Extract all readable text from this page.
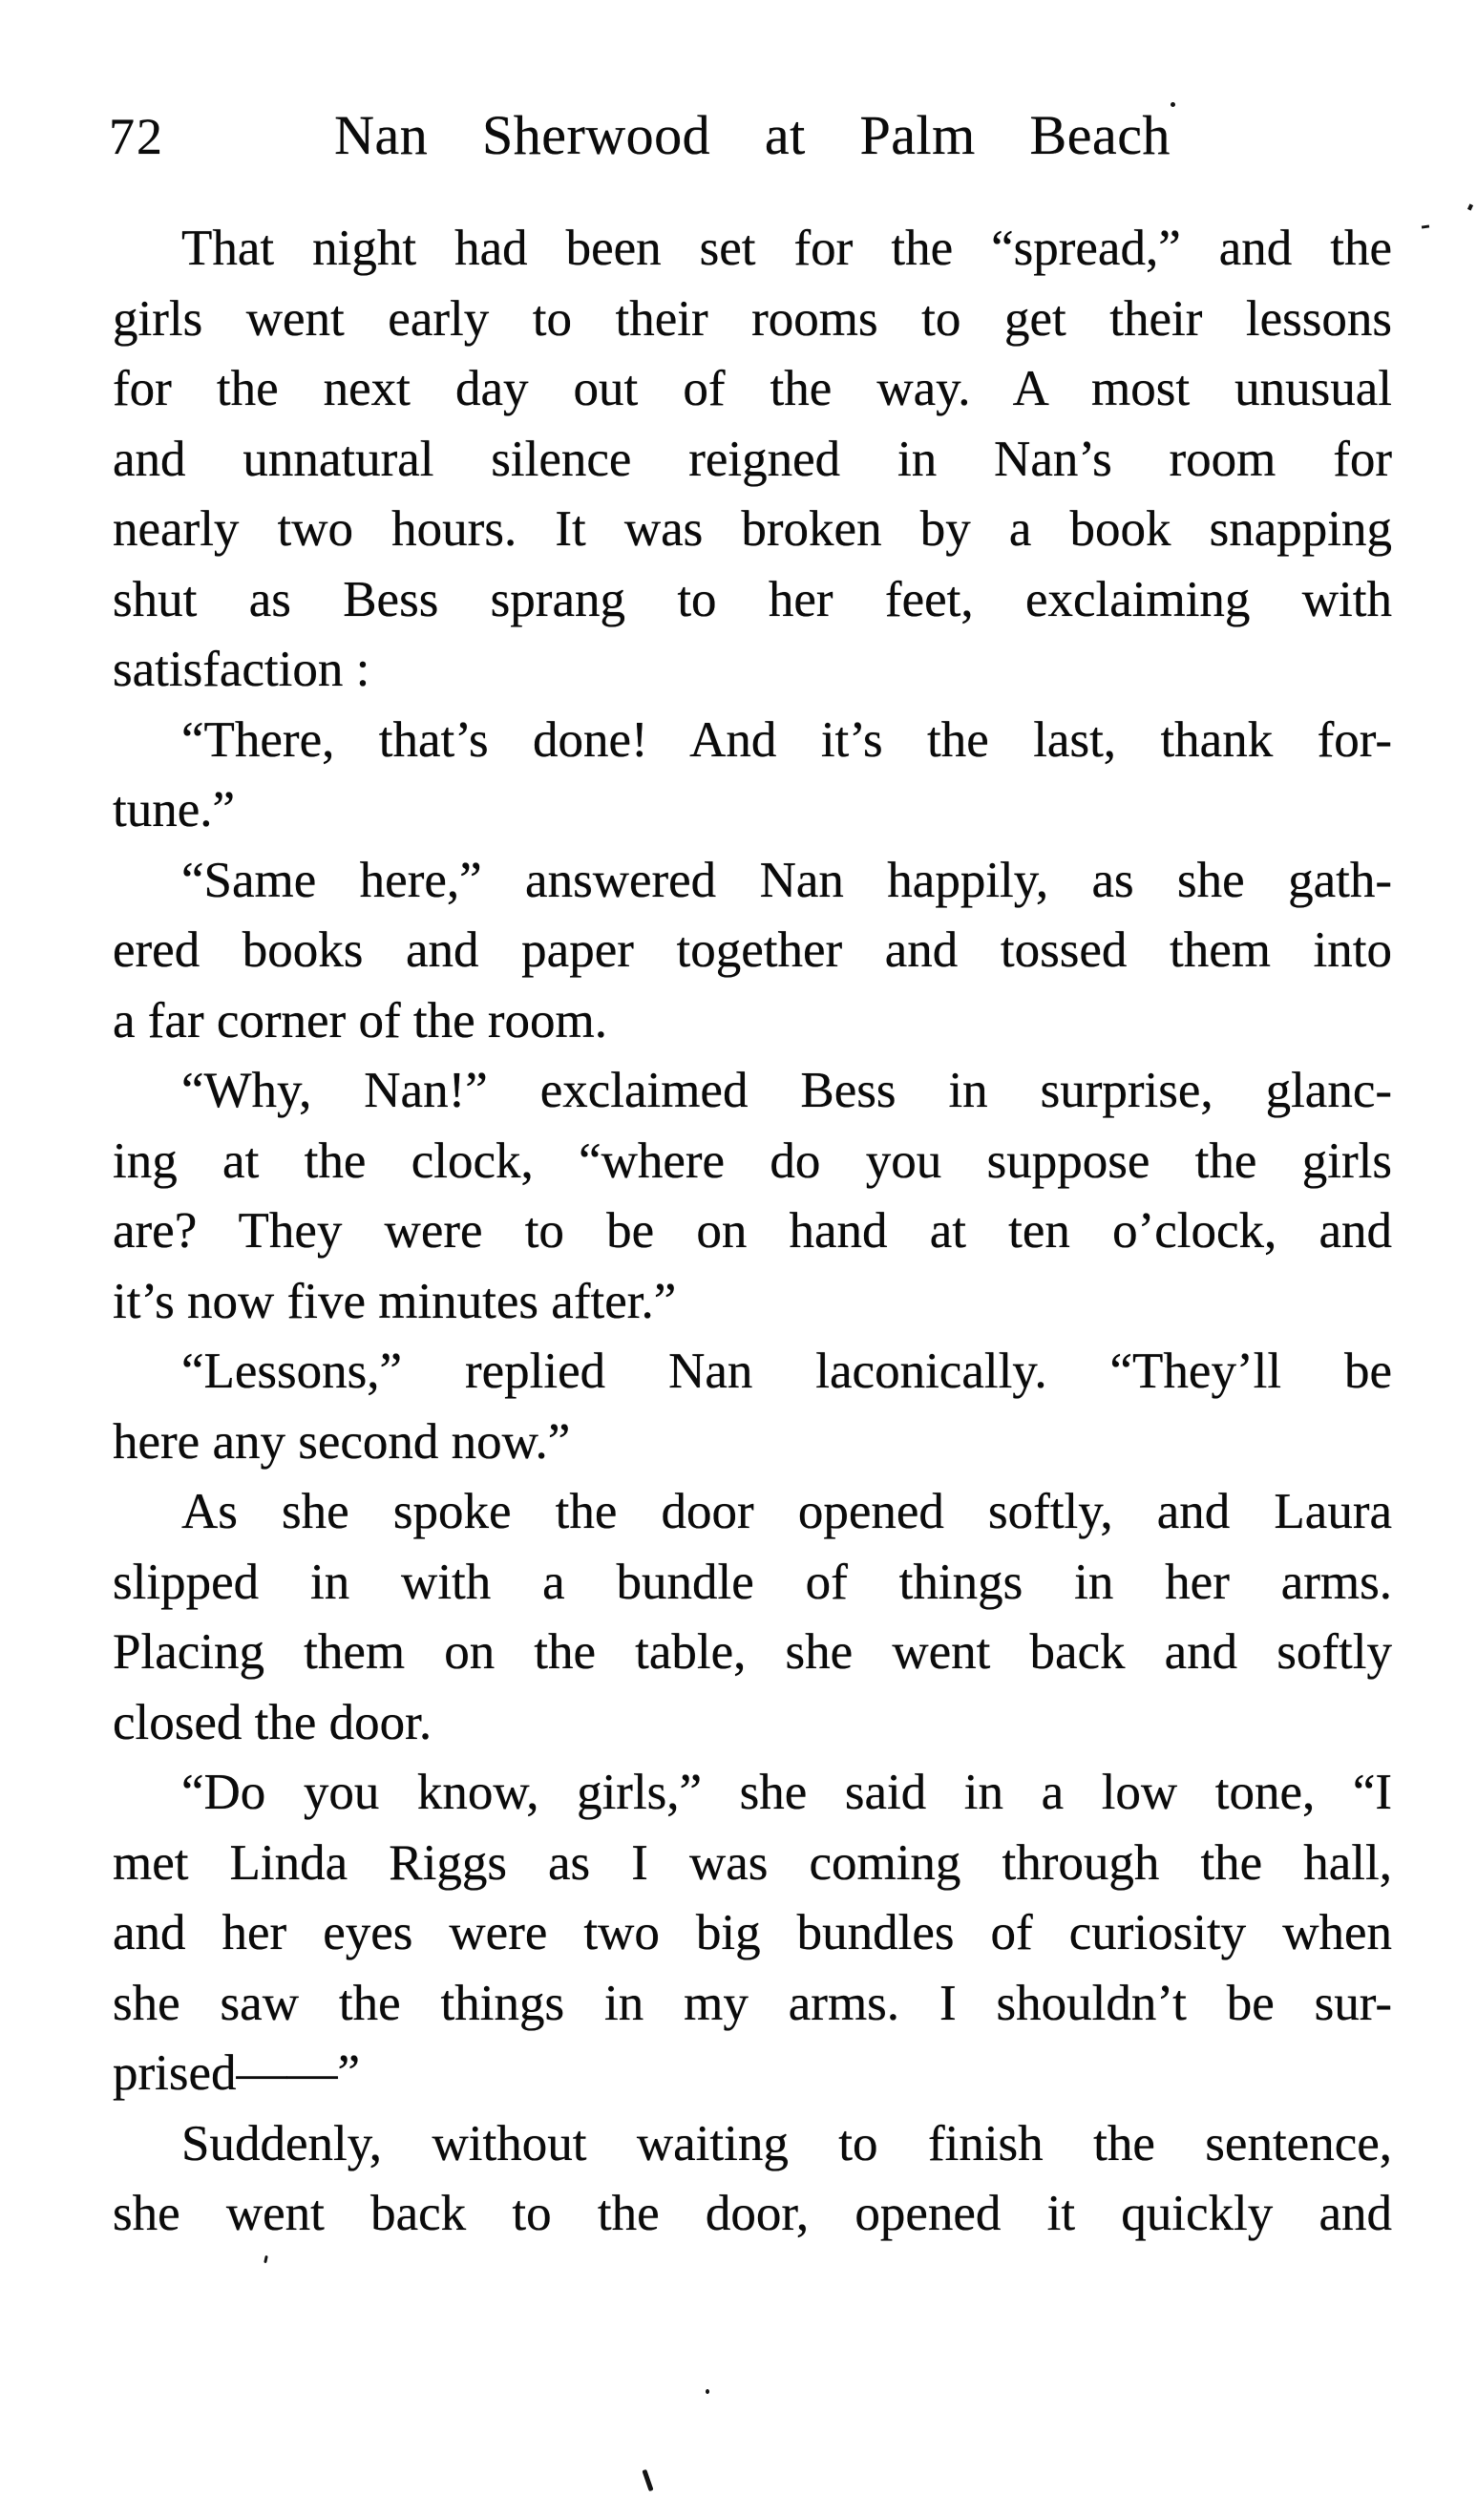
72	Nan Sherwood at Palm Beach
That night had been set for the “spread,” and the
girls went early to their rooms to get their lessons
for the next day out of the way. A most unusual
and unnatural silence reigned in Nan’s room for
nearly two hours. It was broken by a book snapping
shut as Bess sprang to her feet, exclaiming with
satisfaction :
“There, that’s done! And it’s the last, thank for-
tune.”
“Same here,” answered Nan happily, as she gath-
ered books and paper together and tossed them into
a far corner of the room.
“Why, Nan!” exclaimed Bess in surprise, glanc-
ing at the clock, “where do you suppose the girls
are? They were to be on hand at ten o’clock, and
it’s now five minutes after.”
“Lessons,” replied Nan laconically. “They’ll be
here any second now.”
As she spoke the door opened softly, and Laura
slipped in with a bundle of things in her arms.
Placing them on the table, she went back and softly
closed the door.
“Do you know, girls,” she said in a low tone, “I
met Linda Riggs as I was coming through the hall,
and her eyes were two big bundles of curiosity when
she saw the things in my arms. I shouldn’t be sur-
prised——”
Suddenly, without waiting to finish the sentence,
she went back to the door, opened it quickly and
